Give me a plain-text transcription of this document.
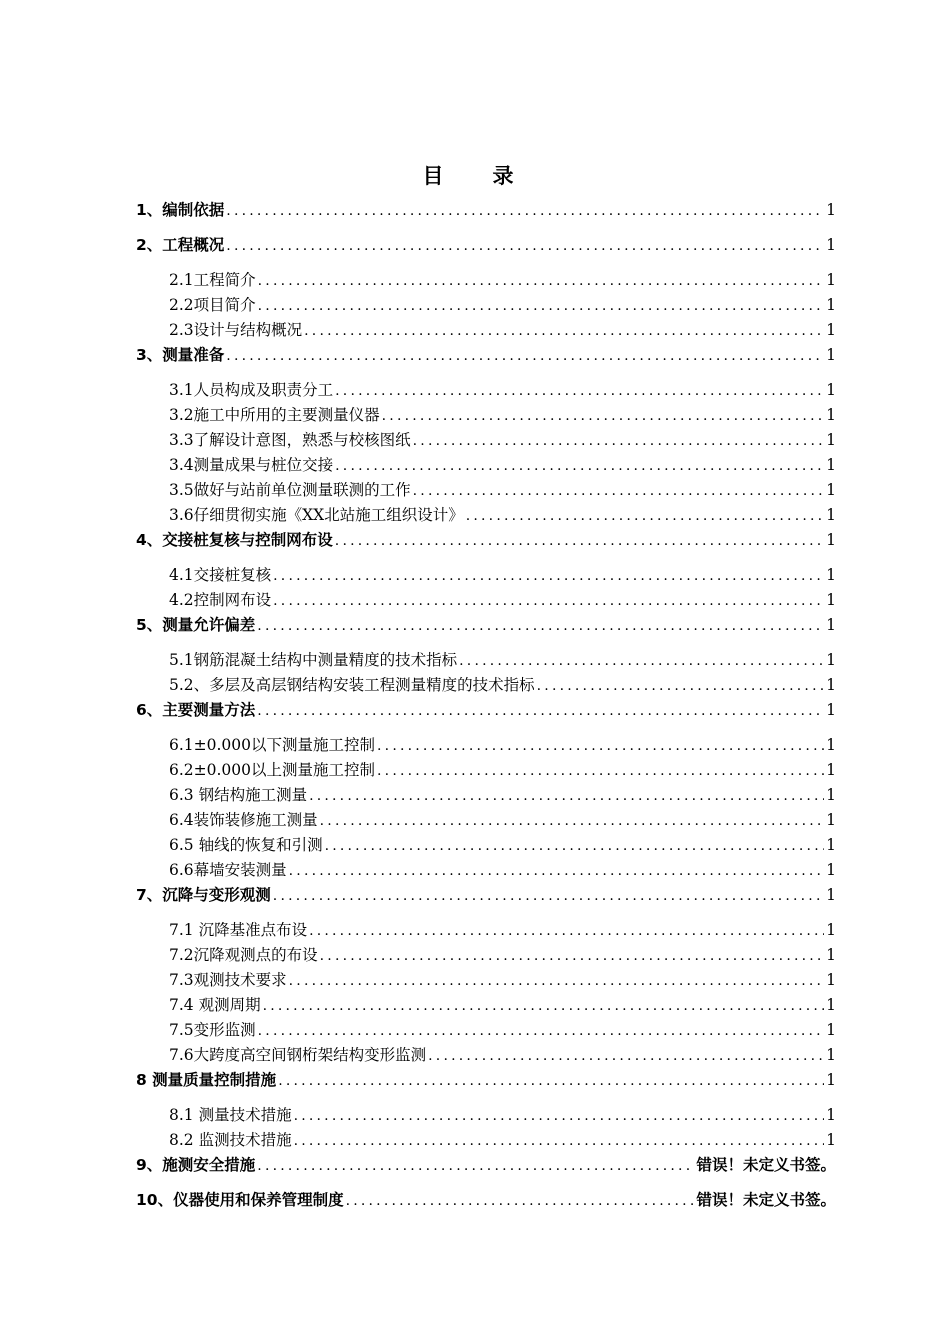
目　录
1、编制依据 .....	1
2、工程概况 .....	1
2.1工程简介 .....	1
2.2项目简介 .....	1
2.3设计与结构概况 .....	1
3、测量准备 .....	1
3.1人员构成及职责分工 .....	1
3.2施工中所用的主要测量仪器 .....	1
3.3了解设计意图，熟悉与校核图纸 .....	1
3.4测量成果与桩位交接 .....	1
3.5做好与站前单位测量联测的工作 .....	1
3.6仔细贯彻实施《XX北站施工组织设计》 .....	1
4、交接桩复核与控制网布设 .....	1
4.1交接桩复核 .....	1
4.2控制网布设 .....	1
5、测量允许偏差 .....	1
5.1钢筋混凝土结构中测量精度的技术指标 .....	1
5.2、多层及高层钢结构安装工程测量精度的技术指标 .....	1
6、主要测量方法 .....	1
6.1±0.000以下测量施工控制 .....	1
6.2±0.000以上测量施工控制 .....	1
6.3 钢结构施工测量 .....	1
6.4装饰装修施工测量 .....	1
6.5 轴线的恢复和引测 .....	1
6.6幕墙安装测量 .....	1
7、沉降与变形观测 .....	1
7.1 沉降基准点布设 .....	1
7.2沉降观测点的布设 .....	1
7.3观测技术要求 .....	1
7.4 观测周期 .....	1
7.5变形监测 .....	1
7.6大跨度高空间钢桁架结构变形监测 .....	1
8 测量质量控制措施 .....	1
8.1 测量技术措施 .....	1
8.2 监测技术措施 .....	1
9、施测安全措施 .....	错误！未定义书签。
10、仪器使用和保养管理制度 .....	错误！未定义书签。
